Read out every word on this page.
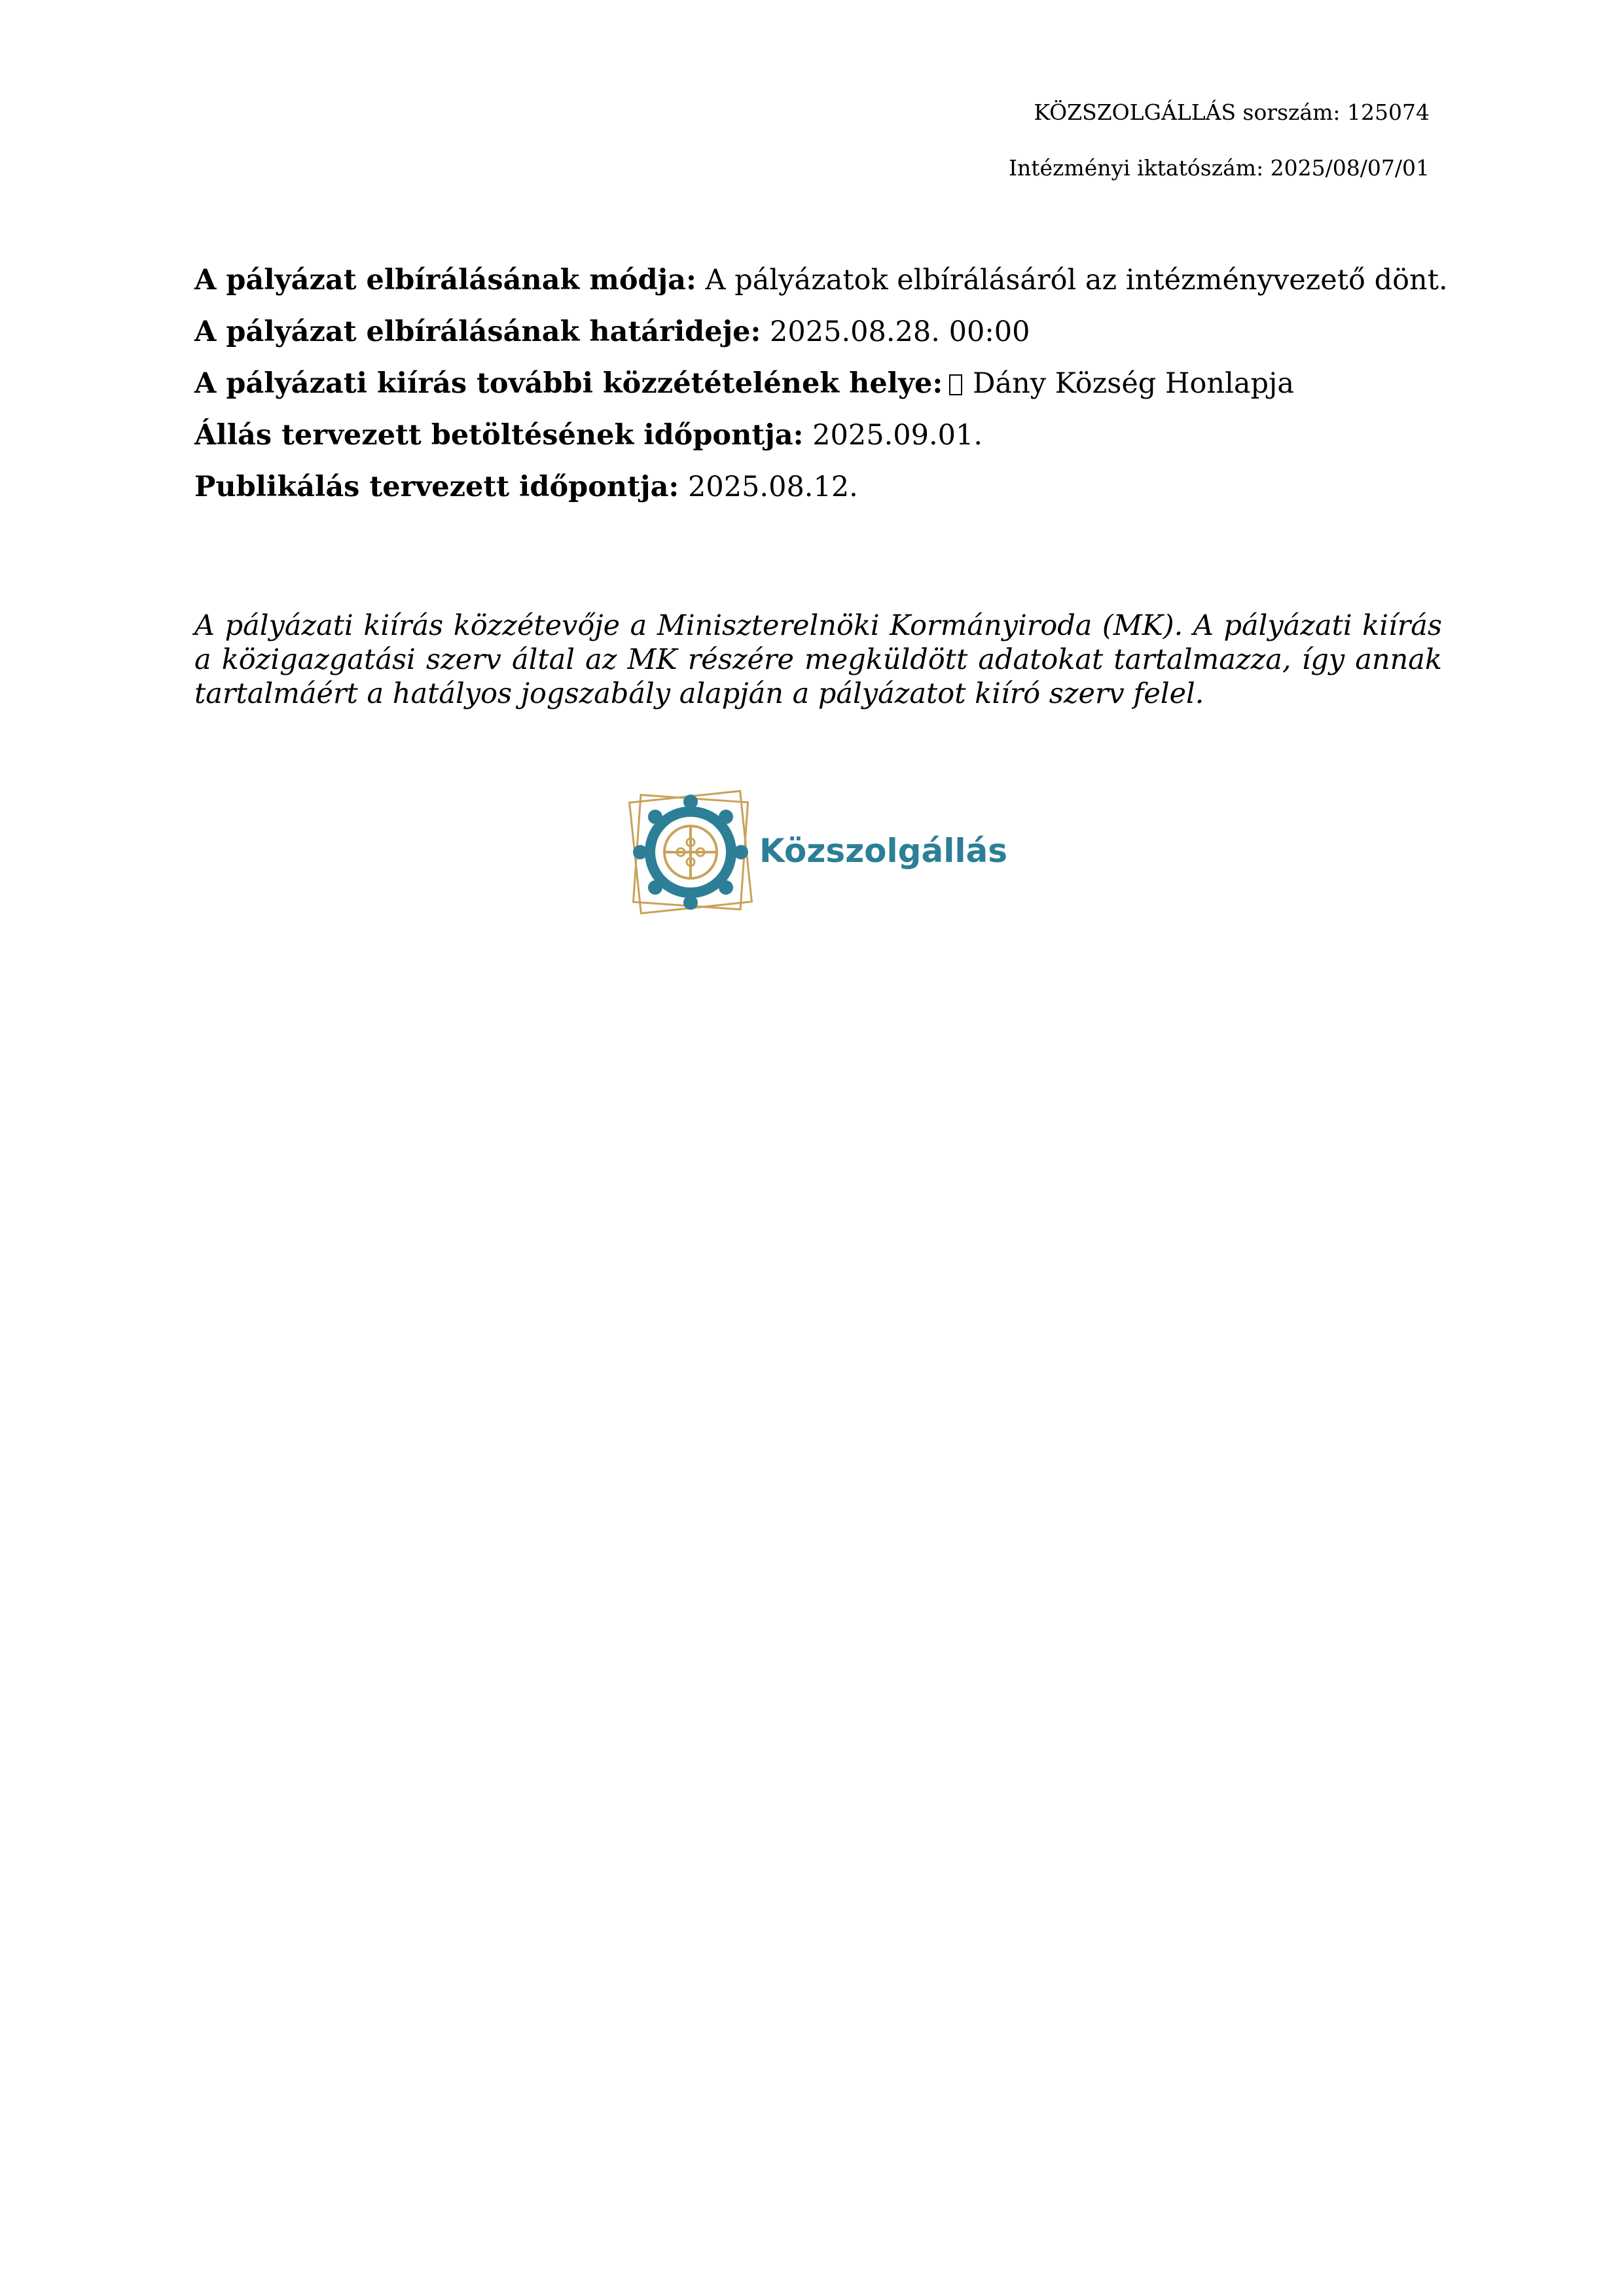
KÖZSZOLGÁLLÁS sorszám: 125074
Intézményi iktatószám: 2025/08/07/01
A pályázat elbírálásának módja: A pályázatok elbírálásáról az intézményvezető dönt.
A pályázat elbírálásának határideje: 2025.08.28. 00:00
A pályázati kiírás további közzétételének helye:	Dány Község Honlapja
Állás tervezett betöltésének időpontja: 2025.09.01.
Publikálás tervezett időpontja: 2025.08.12.
A pályázati kiírás közzétevője a Miniszterelnöki Kormányiroda (MK). A pályázati kiírás a közigazgatási szerv által az MK részére megküldött adatokat tartalmazza, így annak tartalmáért a hatályos jogszabály alapján a pályázatot kiíró szerv felel.
Közszolgállás
